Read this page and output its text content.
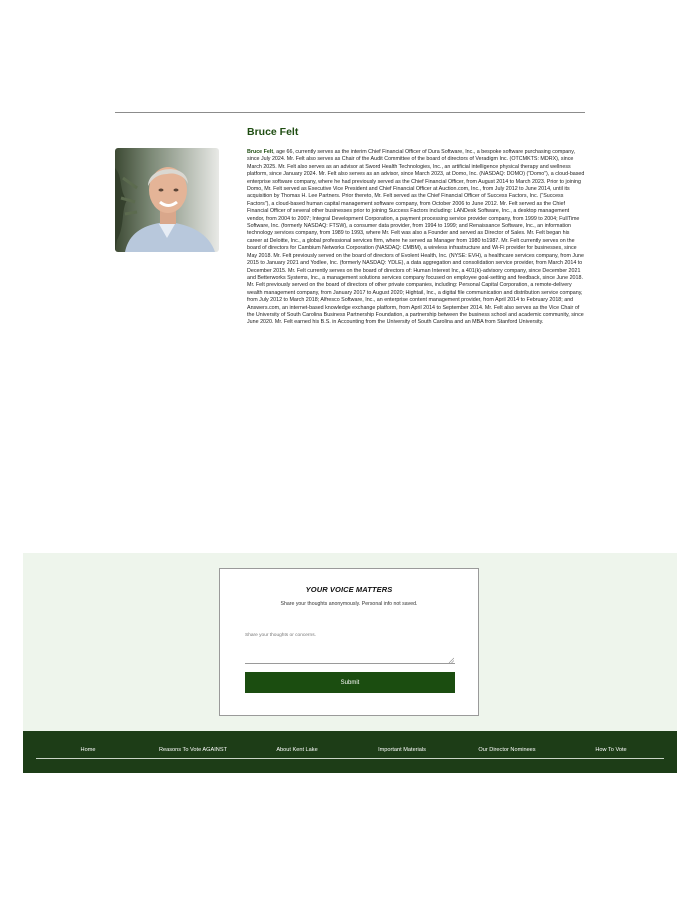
Bruce Felt

Bruce Felt, age 66, currently serves as the interim Chief Financial Officer of Dura Software, Inc., a bespoke software purchasing company, since July 2024. Mr. Felt also serves as Chair of the Audit Committee of the board of directors of Veradigm Inc. (OTCMKTS: MDRX), since March 2025. Mr. Felt also serves as an advisor at Sword Health Technologies, Inc., an artificial intelligence physical therapy and wellness platform, since January 2024. Mr. Felt also serves as an advisor, since March 2023, at Domo, Inc. (NASDAQ: DOMO) (“Domo”), a cloud-based enterprise software company, where he had previously served as the Chief Financial Officer, from August 2014 to March 2023. Prior to joining Domo, Mr. Felt served as Executive Vice President and Chief Financial Officer at Auction.com, Inc., from July 2012 to June 2014, until its acquisition by Thomas H. Lee Partners. Prior thereto, Mr. Felt served as the Chief Financial Officer of Success Factors, Inc. (“Success Factors”), a cloud-based human capital management software company, from October 2006 to June 2012. Mr. Felt served as the Chief Financial Officer of several other businesses prior to joining Success Factors including: LANDesk Software, Inc., a desktop management vendor, from 2004 to 2007; Integral Development Corporation, a payment processing service provider company, from 1999 to 2004; FullTime Software, Inc. (formerly NASDAQ: FTSW), a consumer data provider, from 1994 to 1999; and Renaissance Software, Inc., an information technology services company, from 1989 to 1993, where Mr. Felt was also a Founder and served as Director of Sales. Mr. Felt began his career at Deloitte, Inc., a global professional services firm, where he served as Manager from 1980 to1987. Mr. Felt currently serves on the board of directors for Cambium Networks Corporation (NASDAQ: CMBM), a wireless infrastructure and Wi-Fi provider for businesses, since May 2018. Mr. Felt previously served on the board of directors of Evolent Health, Inc. (NYSE: EVH), a healthcare services company, from June 2015 to January 2021 and Yodlee, Inc. (formerly NASDAQ: YDLE), a data aggregation and consolidation service provider, from March 2014 to December 2015. Mr. Felt currently serves on the board of directors of: Human Interest Inc, a 401(k)-advisory company, since December 2021 and Betterworks Systems, Inc., a management solutions services company focused on employee goal-setting and feedback, since June 2018. Mr. Felt previously served on the board of directors of other private companies, including: Personal Capital Corporation, a remote-delivery wealth management company, from January 2017 to August 2020; Hightail, Inc., a digital file communication and distribution service company, from July 2012 to March 2018; Alfresco Software, Inc., an enterprise content management provider, from April 2014 to February 2018; and Answers.com, an internet-based knowledge exchange platform, from April 2014 to September 2014. Mr. Felt also serves as the Vice Chair of the University of South Carolina Business Partnership Foundation, a partnership between the business school and academic community, since June 2020. Mr. Felt earned his B.S. in Accounting from the University of South Carolina and an MBA from Stanford University.

YOUR VOICE MATTERS
Share your thoughts anonymously. Personal info not saved.
Share your thoughts or concerns.
Submit
Home	Reasons To Vote AGAINST	About Kent Lake	Important Materials	Our Director Nominees	How To Vote
